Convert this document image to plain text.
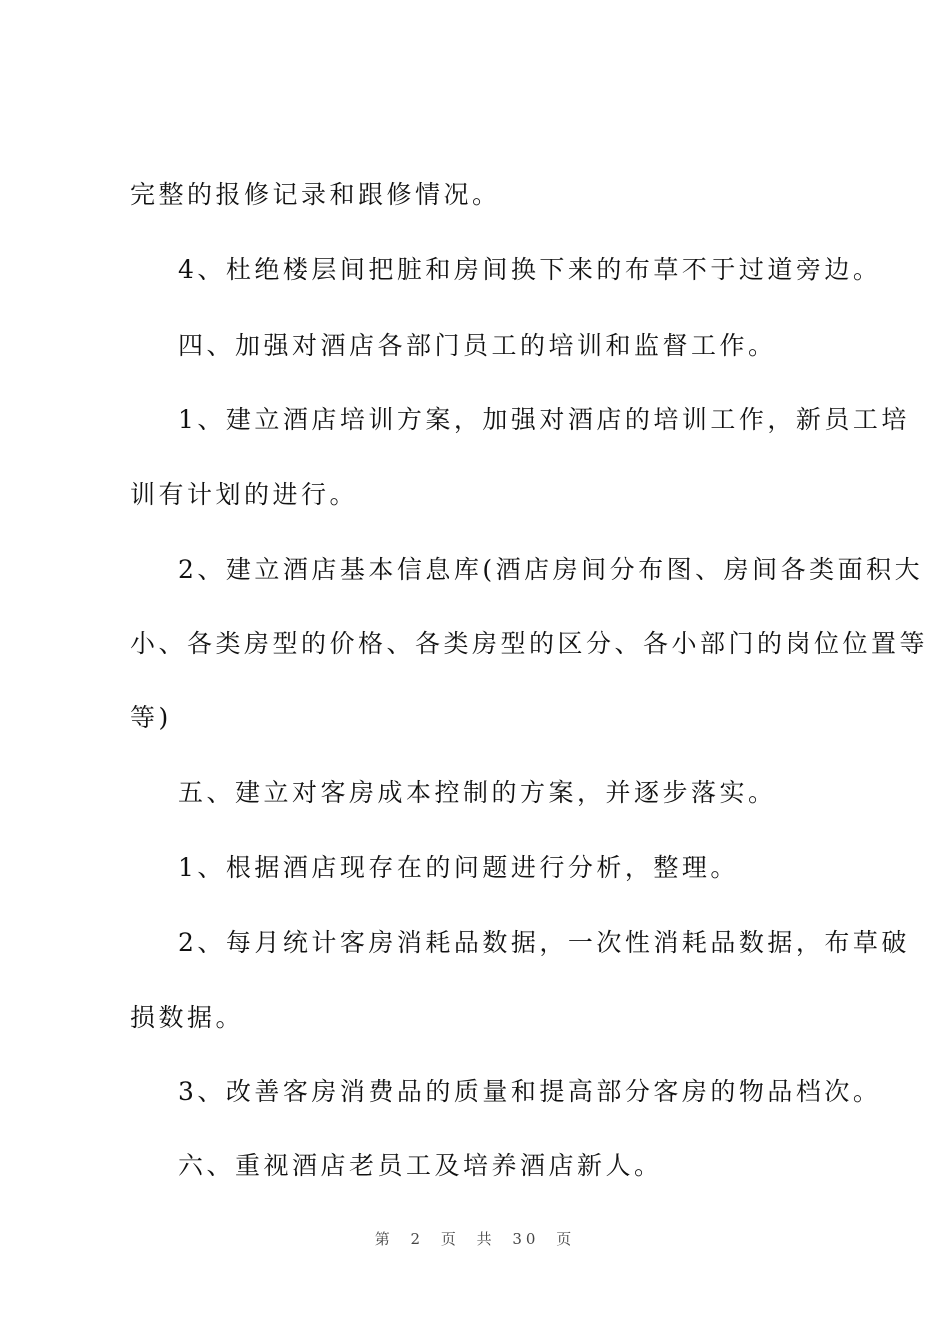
完整的报修记录和跟修情况。
4、杜绝楼层间把脏和房间换下来的布草不于过道旁边。
四、加强对酒店各部门员工的培训和监督工作。
1、建立酒店培训方案，加强对酒店的培训工作，新员工培
训有计划的进行。
2、建立酒店基本信息库(酒店房间分布图、房间各类面积大
小、各类房型的价格、各类房型的区分、各小部门的岗位位置等
等)
五、建立对客房成本控制的方案，并逐步落实。
1、根据酒店现存在的问题进行分析，整理。
2、每月统计客房消耗品数据，一次性消耗品数据，布草破
损数据。
3、改善客房消费品的质量和提高部分客房的物品档次。
六、重视酒店老员工及培养酒店新人。
第 2 页 共 30 页
